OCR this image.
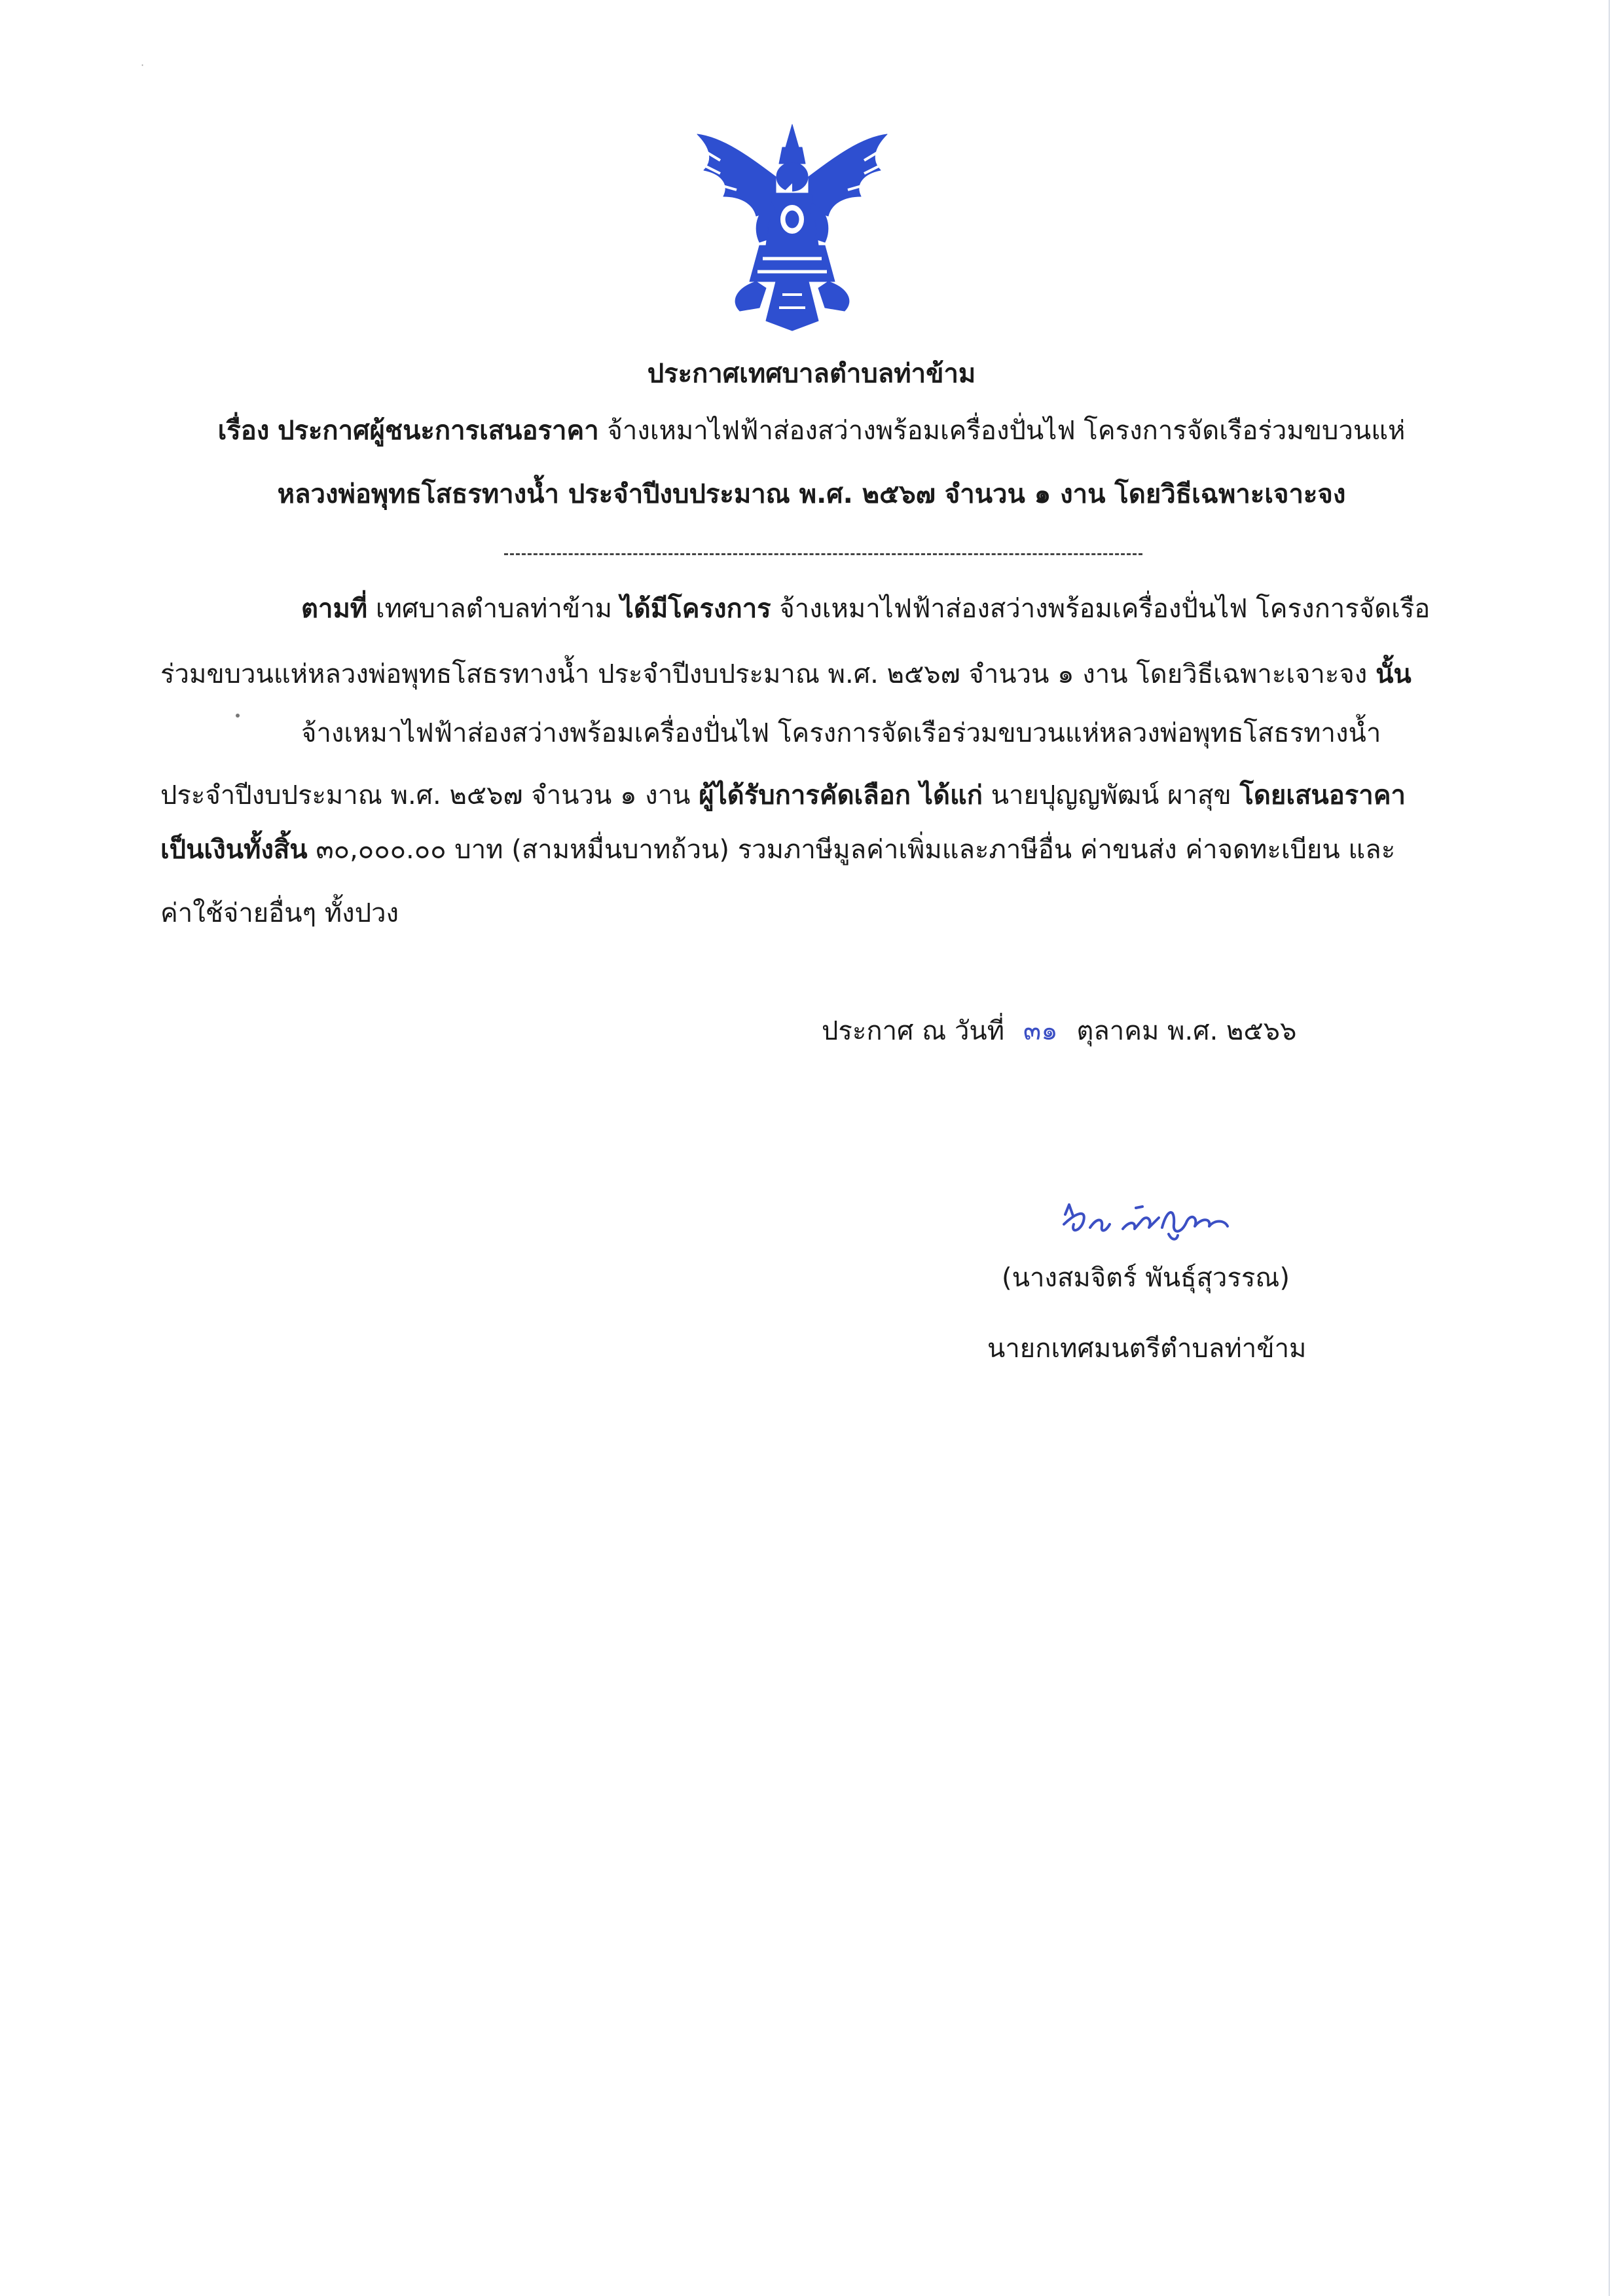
·
ประกาศเทศบาลตำบลท่าข้าม
เรื่อง ประกาศผู้ชนะการเสนอราคา จ้างเหมาไฟฟ้าส่องสว่างพร้อมเครื่องปั่นไฟ โครงการจัดเรือร่วมขบวนแห่
หลวงพ่อพุทธโสธรทางน้ำ ประจำปีงบประมาณ พ.ศ. ๒๕๖๗ จำนวน ๑ งาน โดยวิธีเฉพาะเจาะจง
ตามที่ เทศบาลตำบลท่าข้าม ได้มีโครงการ จ้างเหมาไฟฟ้าส่องสว่างพร้อมเครื่องปั่นไฟ โครงการจัดเรือ
ร่วมขบวนแห่หลวงพ่อพุทธโสธรทางน้ำ ประจำปีงบประมาณ พ.ศ. ๒๕๖๗ จำนวน ๑ งาน โดยวิธีเฉพาะเจาะจง นั้น
จ้างเหมาไฟฟ้าส่องสว่างพร้อมเครื่องปั่นไฟ โครงการจัดเรือร่วมขบวนแห่หลวงพ่อพุทธโสธรทางน้ำ
ประจำปีงบประมาณ พ.ศ. ๒๕๖๗ จำนวน ๑ งาน ผู้ได้รับการคัดเลือก ได้แก่ นายปุญญพัฒน์ ผาสุข โดยเสนอราคา
เป็นเงินทั้งสิ้น ๓๐,๐๐๐.๐๐ บาท (สามหมื่นบาทถ้วน) รวมภาษีมูลค่าเพิ่มและภาษีอื่น ค่าขนส่ง ค่าจดทะเบียน และ
ค่าใช้จ่ายอื่นๆ ทั้งปวง
ประกาศ ณ วันที่ ๓๑ ตุลาคม พ.ศ. ๒๕๖๖
(นางสมจิตร์ พันธุ์สุวรรณ)
นายกเทศมนตรีตำบลท่าข้าม
